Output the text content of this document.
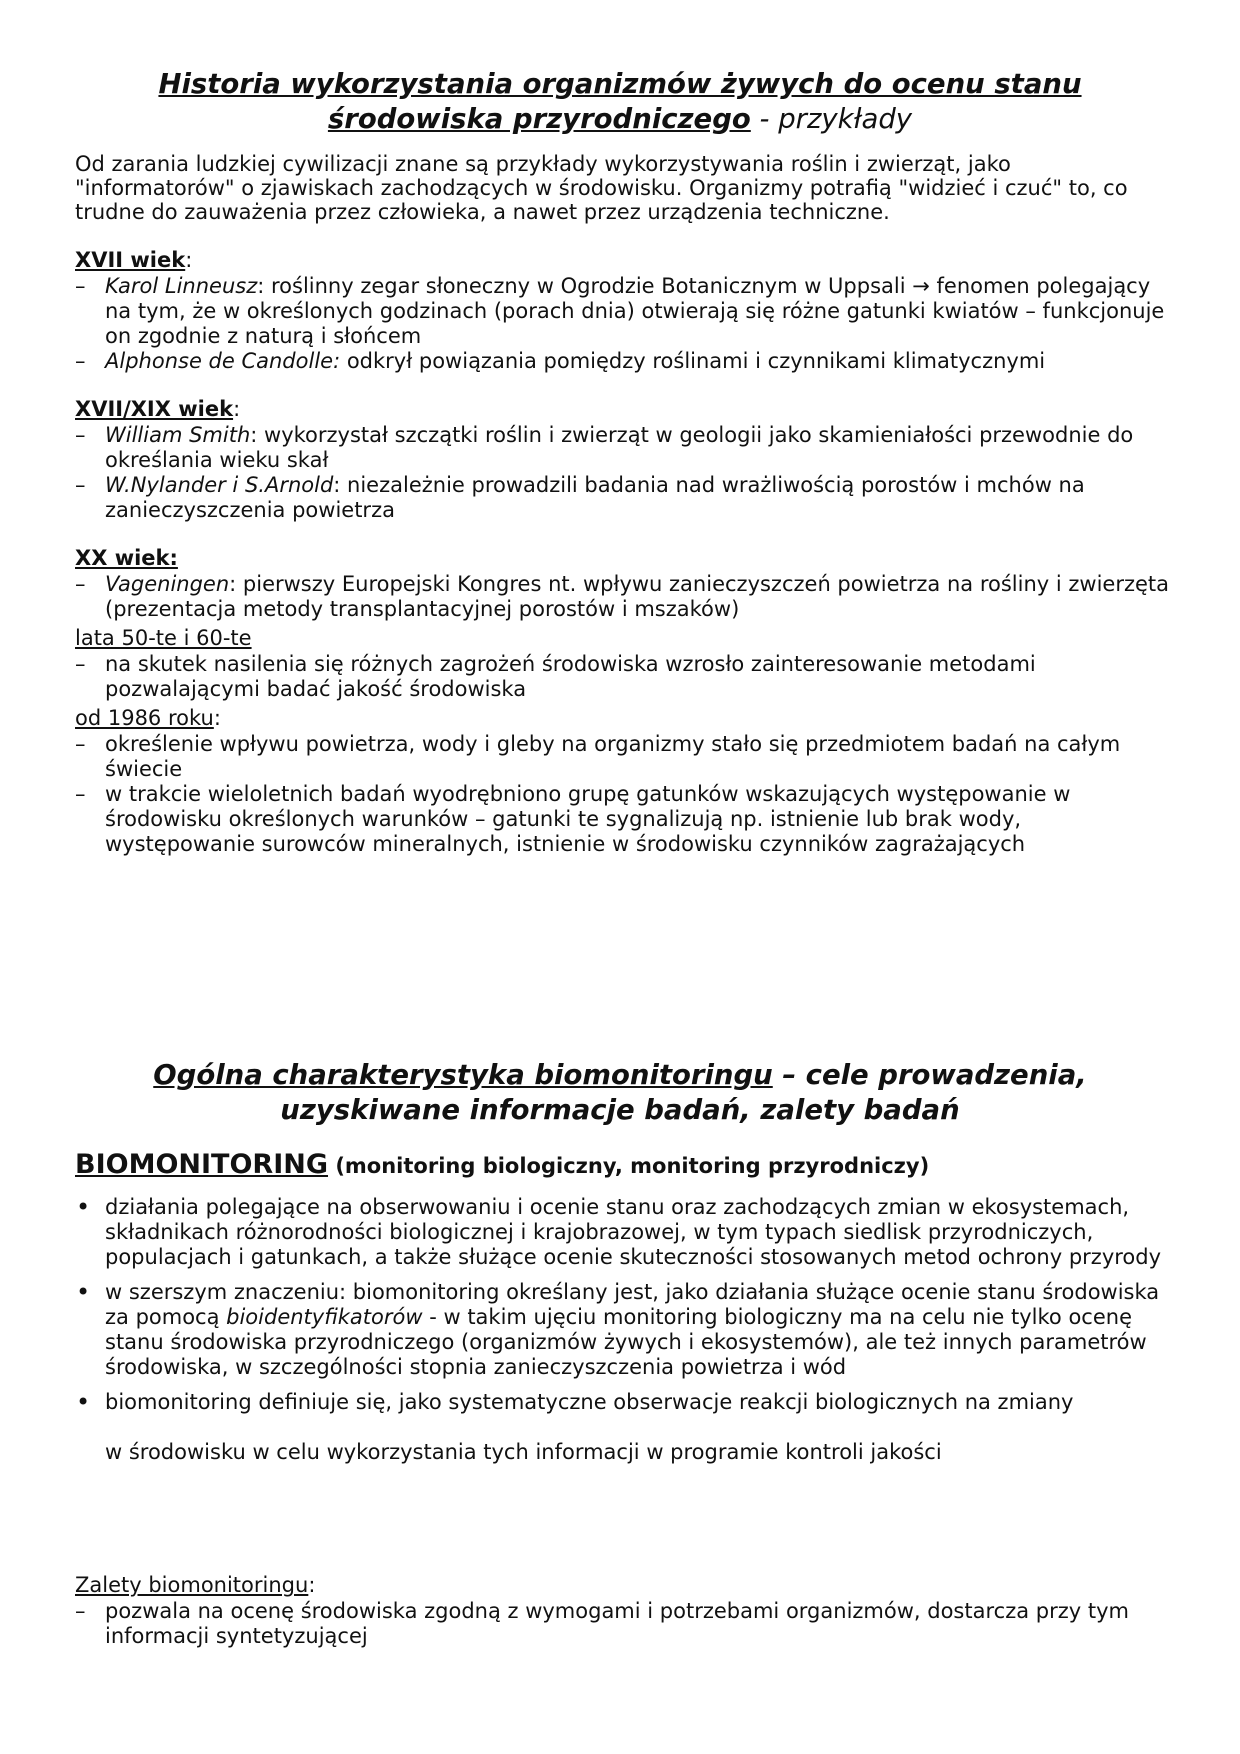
Historia wykorzystania organizmów żywych do ocenu stanu

środowiska przyrodniczego - przykłady

Od zarania ludzkiej cywilizacji znane są przykłady wykorzystywania roślin i zwierząt, jako "informatorów" o zjawiskach zachodzących w środowisku. Organizmy potrafią "widzieć i czuć" to, co trudne do zauważenia przez człowieka, a nawet przez urządzenia techniczne.

XVII wiek:

– Karol Linneusz: roślinny zegar słoneczny w Ogrodzie Botanicznym w Uppsali → fenomen polegający na tym, że w określonych godzinach (porach dnia) otwierają się różne gatunki kwiatów – funkcjonuje on zgodnie z naturą i słońcem
– Alphonse de Candolle: odkrył powiązania pomiędzy roślinami i czynnikami klimatycznymi

XVII/XIX wiek:

– William Smith: wykorzystał szczątki roślin i zwierząt w geologii jako skamieniałości przewodnie do określania wieku skał
– W.Nylander i S.Arnold: niezależnie prowadzili badania nad wrażliwością porostów i mchów na zanieczyszczenia powietrza

XX wiek:

– Vageningen: pierwszy Europejski Kongres nt. wpływu zanieczyszczeń powietrza na rośliny i zwierzęta (prezentacja metody transplantacyjnej porostów i mszaków)

lata 50-te i 60-te

– na skutek nasilenia się różnych zagrożeń środowiska wzrosło zainteresowanie metodami pozwalającymi badać jakość środowiska

od 1986 roku:

– określenie wpływu powietrza, wody i gleby na organizmy stało się przedmiotem badań na całym świecie
– w trakcie wieloletnich badań wyodrębniono grupę gatunków wskazujących występowanie w środowisku określonych warunków – gatunki te sygnalizują np. istnienie lub brak wody, występowanie surowców mineralnych, istnienie w środowisku czynników zagrażających

Ogólna charakterystyka biomonitoringu – cele prowadzenia,

uzyskiwane informacje badań, zalety badań

BIOMONITORING (monitoring biologiczny, monitoring przyrodniczy)

• działania polegające na obserwowaniu i ocenie stanu oraz zachodzących zmian w ekosystemach, składnikach różnorodności biologicznej i krajobrazowej, w tym typach siedlisk przyrodniczych, populacjach i gatunkach, a także służące ocenie skuteczności stosowanych metod ochrony przyrody
• w szerszym znaczeniu: biomonitoring określany jest, jako działania służące ocenie stanu środowiska za pomocą bioidentyfikatorów - w takim ujęciu monitoring biologiczny ma na celu nie tylko ocenę stanu środowiska przyrodniczego (organizmów żywych i ekosystemów), ale też innych parametrów środowiska, w szczególności stopnia zanieczyszczenia powietrza i wód
• biomonitoring definiuje się, jako systematyczne obserwacje reakcji biologicznych na zmiany

w środowisku w celu wykorzystania tych informacji w programie kontroli jakości

Zalety biomonitoringu:

– pozwala na ocenę środowiska zgodną z wymogami i potrzebami organizmów, dostarcza przy tym informacji syntetyzującej
